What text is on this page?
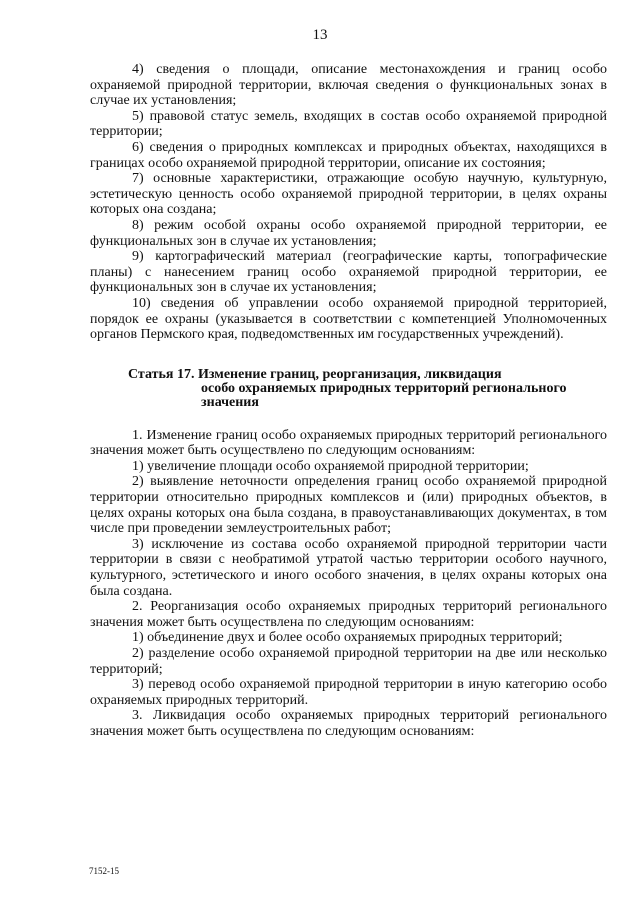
13

4) сведения о площади, описание местонахождения и границ особо охраняемой природной территории, включая сведения о функциональных зонах в случае их установления;

5) правовой статус земель, входящих в состав особо охраняемой природной территории;

6) сведения о природных комплексах и природных объектах, находящихся в границах особо охраняемой природной территории, описание их состояния;

7) основные характеристики, отражающие особую научную, культурную, эстетическую ценность особо охраняемой природной территории, в целях охраны которых она создана;

8) режим особой охраны особо охраняемой природной территории, ее функциональных зон в случае их установления;

9) картографический материал (географические карты, топографические планы) с нанесением границ особо охраняемой природной территории, ее функциональных зон в случае их установления;

10) сведения об управлении особо охраняемой природной территорией, порядок ее охраны (указывается в соответствии с компетенцией Уполномоченных органов Пермского края, подведомственных им государственных учреждений).

Статья 17. Изменение границ, реорганизация, ликвидация
особо охраняемых природных территорий регионального
значения

1. Изменение границ особо охраняемых природных территорий регионального значения может быть осуществлено по следующим основаниям:

1) увеличение площади особо охраняемой природной территории;

2) выявление неточности определения границ особо охраняемой природной территории относительно природных комплексов и (или) природных объектов, в целях охраны которых она была создана, в правоустанавливающих документах, в том числе при проведении землеустроительных работ;

3) исключение из состава особо охраняемой природной территории части территории в связи с необратимой утратой частью территории особого научного, культурного, эстетического и иного особого значения, в целях охраны которых она была создана.

2. Реорганизация особо охраняемых природных территорий регионального значения может быть осуществлена по следующим основаниям:

1) объединение двух и более особо охраняемых природных территорий;

2) разделение особо охраняемой природной территории на две или несколько территорий;

3) перевод особо охраняемой природной территории в иную категорию особо охраняемых природных территорий.

3. Ликвидация особо охраняемых природных территорий регионального значения может быть осуществлена по следующим основаниям:

7152-15
